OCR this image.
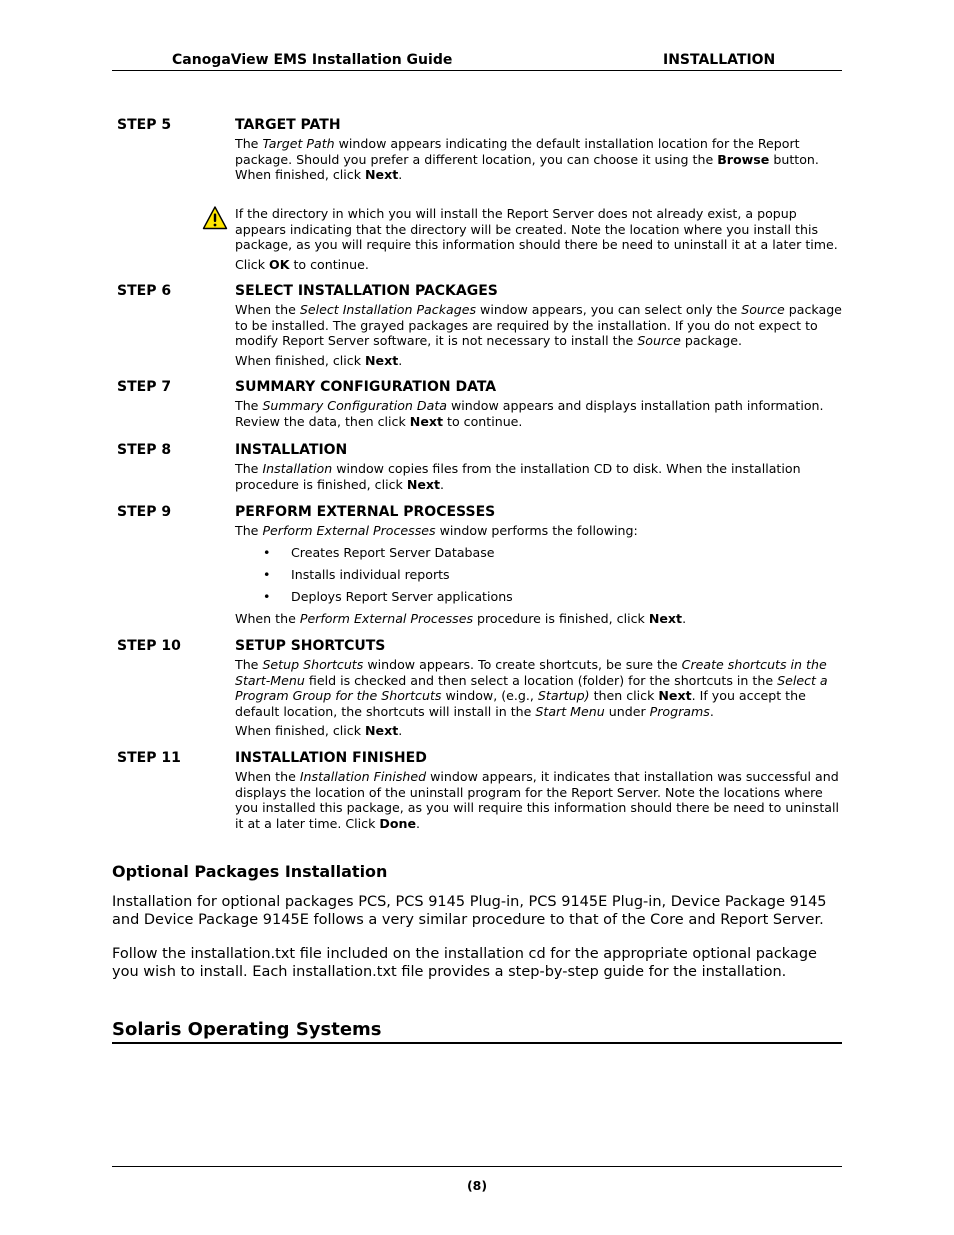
CanogaView EMS Installation Guide	INSTALLATION
STEP 5	TARGET PATH

The Target Path window appears indicating the default installation location for the Report package. Should you prefer a different location, you can choose it using the Browse button. When finished, click Next.

If the directory in which you will install the Report Server does not already exist, a popup appears indicating that the directory will be created. Note the location where you install this package, as you will require this information should there be need to uninstall it at a later time.

Click OK to continue.

STEP 6	SELECT INSTALLATION PACKAGES

When the Select Installation Packages window appears, you can select only the Source package to be installed. The grayed packages are required by the installation. If you do not expect to modify Report Server software, it is not necessary to install the Source package.

When finished, click Next.

STEP 7	SUMMARY CONFIGURATION DATA

The Summary Configuration Data window appears and displays installation path information. Review the data, then click Next to continue.

STEP 8	INSTALLATION

The Installation window copies files from the installation CD to disk. When the installation procedure is finished, click Next.

STEP 9	PERFORM EXTERNAL PROCESSES

The Perform External Processes window performs the following:

• Creates Report Server Database
• Installs individual reports
• Deploys Report Server applications

When the Perform External Processes procedure is finished, click Next.

STEP 10	SETUP SHORTCUTS

The Setup Shortcuts window appears. To create shortcuts, be sure the Create shortcuts in the Start-Menu field is checked and then select a location (folder) for the shortcuts in the Select a Program Group for the Shortcuts window, (e.g., Startup) then click Next. If you accept the default location, the shortcuts will install in the Start Menu under Programs.

When finished, click Next.

STEP 11	INSTALLATION FINISHED

When the Installation Finished window appears, it indicates that installation was successful and displays the location of the uninstall program for the Report Server. Note the locations where you installed this package, as you will require this information should there be need to uninstall it at a later time. Click Done.

Optional Packages Installation

Installation for optional packages PCS, PCS 9145 Plug-in, PCS 9145E Plug-in, Device Package 9145 and Device Package 9145E follows a very similar procedure to that of the Core and Report Server.

Follow the installation.txt file included on the installation cd for the appropriate optional package you wish to install. Each installation.txt file provides a step-by-step guide for the installation.

Solaris Operating Systems
(8)
